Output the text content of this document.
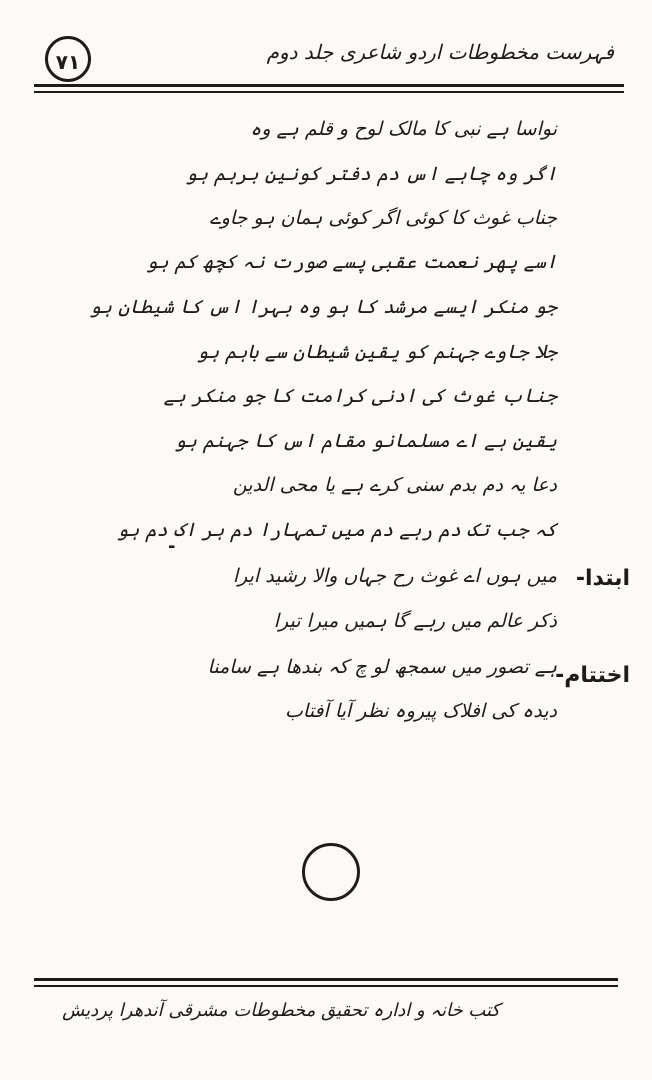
۷۱	فہرست مخطوطات اردو شاعری جلد دوم
نواسا ہے نبی کا مالک لوح و قلم ہے وہ
اگر وہ چاہے اس دم دفتر کونین برہم ہو
جناب غوث کا کوئی اگر کوئی ہمان ہو جاوے
اسے پھر نعمت عقبی پسے صورت نہ کچھ کم ہو
جو منکر ایسے مرشد کا ہو وہ بہرا اس کا شیطان ہو
جلا جاوے جہنم کو یقین شیطان سے باہم ہو
جناب غوث کی ادنی کرامت کا جو منکر ہے
یقین ہے اے مسلمانو مقام اس کا جہنم ہو
دعا یہ دم بدم سنی کرے ہے یا محی الدین
کہ جب تک دم رہے دم میں تمہارا دم ہر اک دم ہو
-
میں ہوں اے غوث رح جہاں والا رشید ایرا
ذکر عالم میں رہے گا ہمیں میرا تیرا
ابتدا-
ہے تصور میں سمجھ لو چ کہ بندھا ہے سامنا
دیدہ کی افلاک پیروہ نظر آیا آفتاب
اختتام-
کتب خانہ و ادارہ تحقیق مخطوطات مشرقی آندھرا پردیش
